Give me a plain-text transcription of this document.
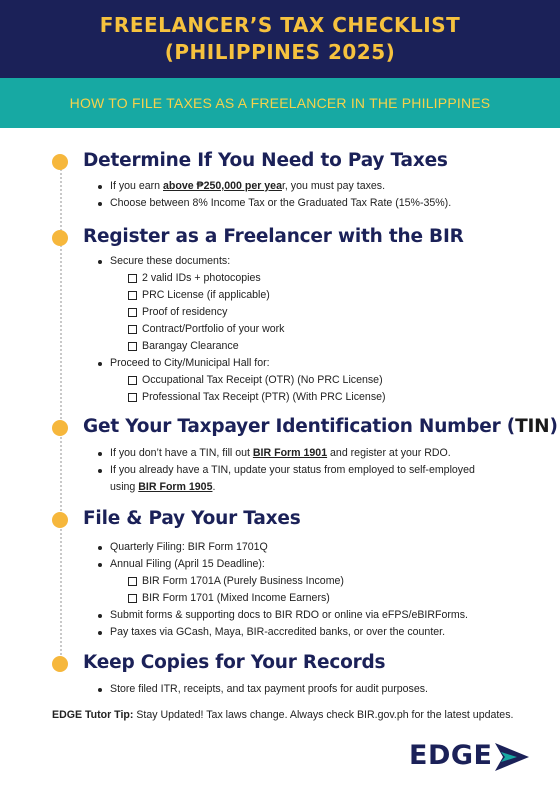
FREELANCER’S TAX CHECKLIST
(PHILIPPINES 2025)
HOW TO FILE TAXES AS A FREELANCER IN THE PHILIPPINES
Determine If You Need to Pay Taxes
If you earn above ₱250,000 per year, you must pay taxes.
Choose between 8% Income Tax or the Graduated Tax Rate (15%-35%).
Register as a Freelancer with the BIR
Secure these documents:
2 valid IDs + photocopies
PRC License (if applicable)
Proof of residency
Contract/Portfolio of your work
Barangay Clearance
Proceed to City/Municipal Hall for:
Occupational Tax Receipt (OTR) (No PRC License)
Professional Tax Receipt (PTR) (With PRC License)
Get Your Taxpayer Identification Number (TIN)
If you don’t have a TIN, fill out BIR Form 1901 and register at your RDO.
If you already have a TIN, update your status from employed to self-employed
using BIR Form 1905.
File & Pay Your Taxes
Quarterly Filing: BIR Form 1701Q
Annual Filing (April 15 Deadline):
BIR Form 1701A (Purely Business Income)
BIR Form 1701 (Mixed Income Earners)
Submit forms & supporting docs to BIR RDO or online via eFPS/eBIRForms.
Pay taxes via GCash, Maya, BIR-accredited banks, or over the counter.
Keep Copies for Your Records
Store filed ITR, receipts, and tax payment proofs for audit purposes.
EDGE Tutor Tip: Stay Updated! Tax laws change. Always check BIR.gov.ph for the latest updates.
EDGE
